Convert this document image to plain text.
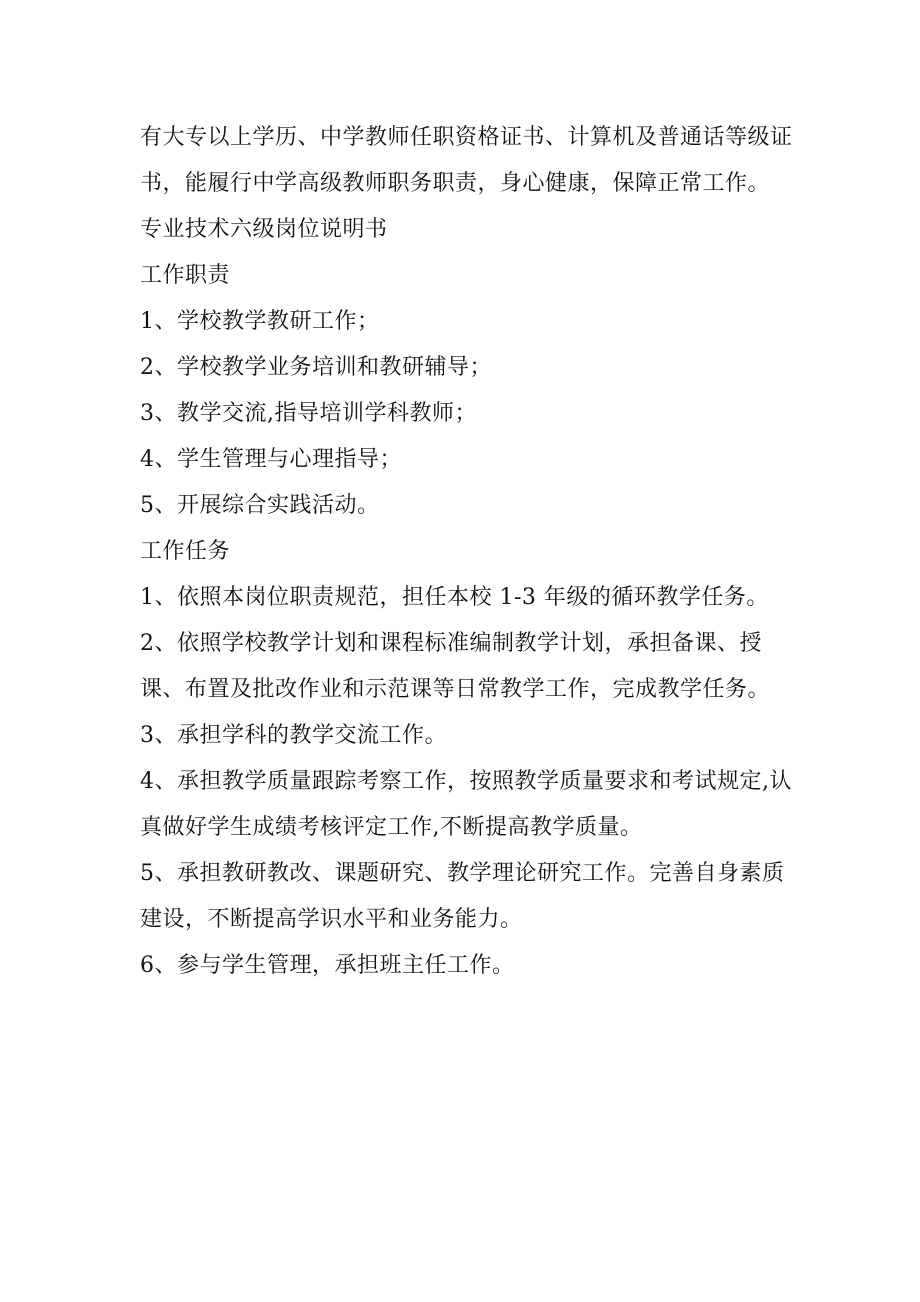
有大专以上学历、中学教师任职资格证书、计算机及普通话等级证书，能履行中学高级教师职务职责，身心健康，保障正常工作。

专业技术六级岗位说明书

工作职责

1、学校教学教研工作；

2、学校教学业务培训和教研辅导；

3、教学交流,指导培训学科教师；

4、学生管理与心理指导；

5、开展综合实践活动。

工作任务

1、依照本岗位职责规范，担任本校 1-3 年级的循环教学任务。

2、依照学校教学计划和课程标准编制教学计划，承担备课、授课、布置及批改作业和示范课等日常教学工作，完成教学任务。

3、承担学科的教学交流工作。

4、承担教学质量跟踪考察工作，按照教学质量要求和考试规定,认真做好学生成绩考核评定工作,不断提高教学质量。

5、承担教研教改、课题研究、教学理论研究工作。完善自身素质建设，不断提高学识水平和业务能力。

6、参与学生管理，承担班主任工作。
